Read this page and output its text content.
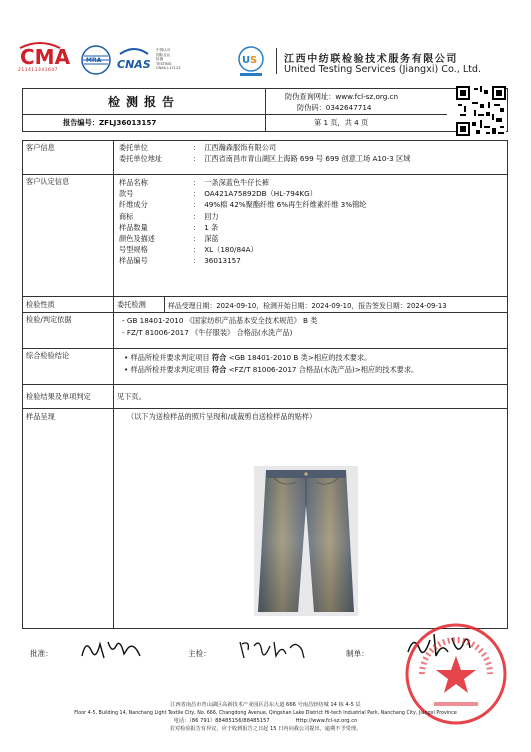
CMA
211411341647
MRA CNAS
中国认可
国际互认
检测
TESTING
CNAS L17123
U S	江西中纺联检验技术服务有限公司
United Testing Services (Jiangxi) Co., Ltd.
检测报告	防伪查询网址：www.fcl-sz.org.cn
防伪码：0342647714	

报告编号：ZFLJ36013157	第 1 页，共 4 页	
客户信息		委托单位	：	江西瀚森服饰有限公司
委托单位地址	：	江西省南昌市青山湖区上海路 699 号 699 创意工场 A10-3 区域

客户认定信息		样品名称	：	一条深蓝色牛仔长裤
款号	：	OA421A75892DB（HL-794KG）
纤维成分	：	49%棉 42%聚酯纤维 6%再生纤维素纤维 3%锦纶
商标	：	回力
样品数量	：	1 条
颜色及描述	：	深蓝
号型规格	：	XL（180/84A）
样品编号	：	36013157

检验性质		委托检测	样品受理日期：2024-09-10，检测开始日期：2024-09-10，报告签发日期：2024-09-13

检验/判定依据	- GB 18401-2010 《国家纺织产品基本安全技术规范》 B 类
- FZ/T 81006-2017 《牛仔服装》 合格品(水洗产品)

综合检验结论	• 样品所检并要求判定项目 符合 <GB 18401-2010 B 类>相应的技术要求。
• 样品所检并要求判定项目 符合 <FZ/T 81006-2017 合格品(水洗产品)>相应的技术要求。

检验结果及单项判定	见下页。
样品呈现	（以下为送检样品的照片呈现和/或裁剪自送检样品的贴样）
批准：	主检：	制单：
江西省南昌市青山湖区高新技术产业园区昌东大道 666 号南昌轻纺城 14 栋 4-5 层
Floor 4-5, Building 14, Nanchang Light Textile City, No. 666, Changdong Avenue, Qingshan Lake District Hi-tech Industrial Park, Nanchang City, Jiangxi Province
电话：（86 791）88485156/88485157　　　　　Http://www.fcl-sz.org.cn
若对检验报告有异议，应于收到报告之日起 15 日内向我公司提出，逾期不予受理。
